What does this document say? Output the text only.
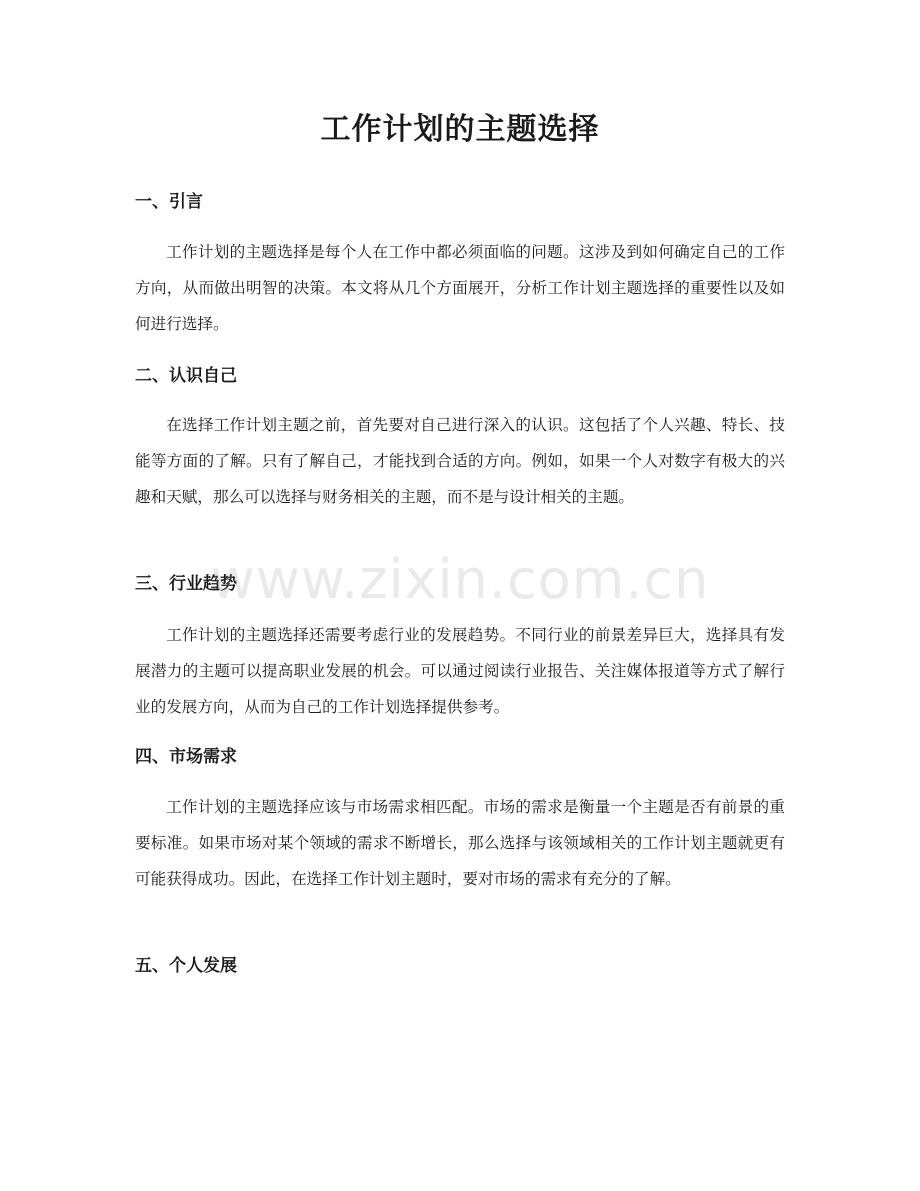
工作计划的主题选择
一、引言

工作计划的主题选择是每个人在工作中都必须面临的问题。这涉及到如何确定自己的工作方向，从而做出明智的决策。本文将从几个方面展开，分析工作计划主题选择的重要性以及如何进行选择。

二、认识自己

在选择工作计划主题之前，首先要对自己进行深入的认识。这包括了个人兴趣、特长、技能等方面的了解。只有了解自己，才能找到合适的方向。例如，如果一个人对数字有极大的兴趣和天赋，那么可以选择与财务相关的主题，而不是与设计相关的主题。

三、行业趋势

工作计划的主题选择还需要考虑行业的发展趋势。不同行业的前景差异巨大，选择具有发展潜力的主题可以提高职业发展的机会。可以通过阅读行业报告、关注媒体报道等方式了解行业的发展方向，从而为自己的工作计划选择提供参考。

四、市场需求

工作计划的主题选择应该与市场需求相匹配。市场的需求是衡量一个主题是否有前景的重要标准。如果市场对某个领域的需求不断增长，那么选择与该领域相关的工作计划主题就更有可能获得成功。因此，在选择工作计划主题时，要对市场的需求有充分的了解。

五、个人发展
www.zixin.com.cn
